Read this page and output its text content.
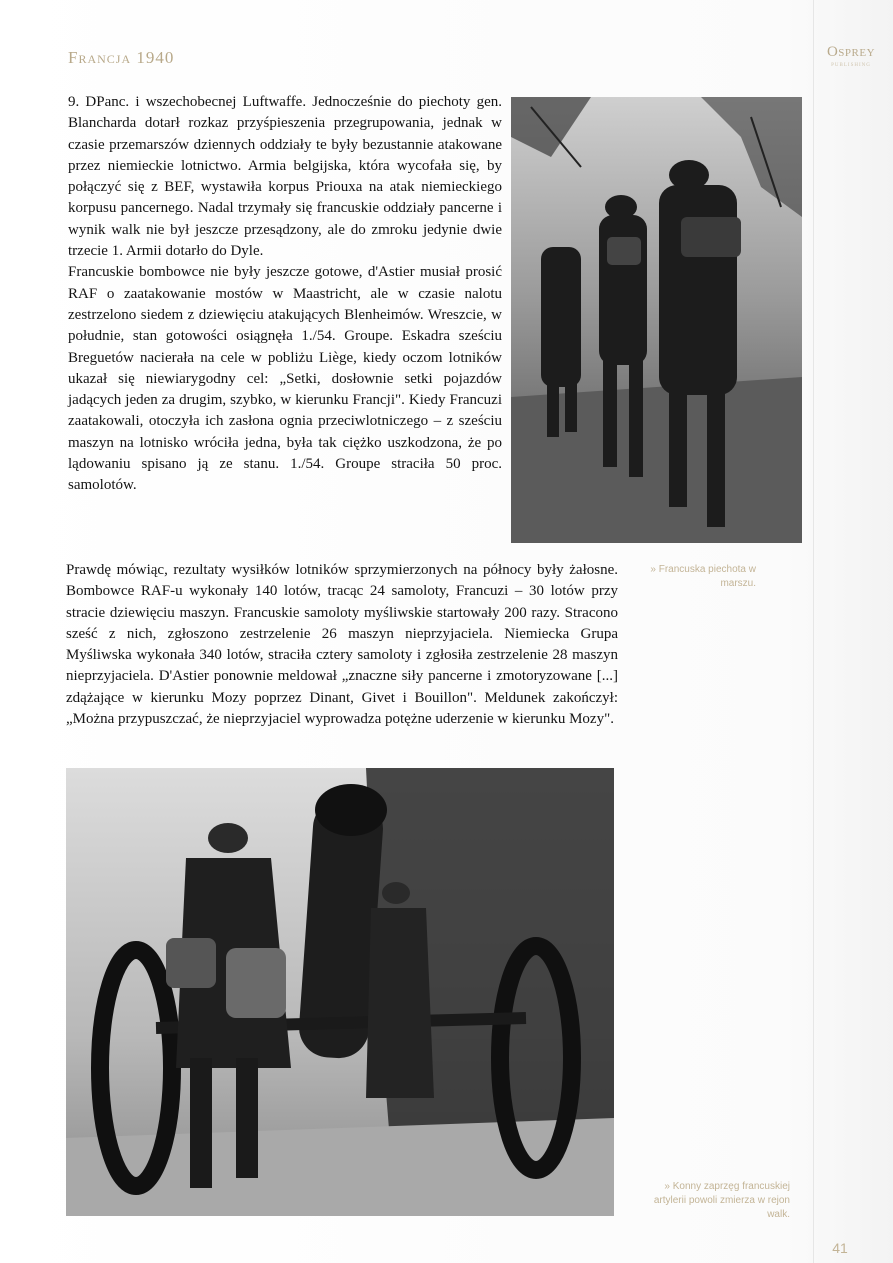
Francja 1940	Osprey
PUBLISHING

9. DPanc. i wszechobecnej Luftwaffe. Jednocześnie do piechoty gen. Blancharda dotarł rozkaz przyśpieszenia przegrupowania, jednak w czasie przemarszów dziennych oddziały te były bezustannie atakowane przez niemieckie lotnictwo. Armia belgijska, która wycofała się, by połączyć się z BEF, wystawiła korpus Priouxa na atak niemieckiego korpusu pancernego. Nadal trzymały się francuskie oddziały pancerne i wynik walk nie był jeszcze przesądzony, ale do zmroku jedynie dwie trzecie 1. Armii dotarło do Dyle.

Francuskie bombowce nie były jeszcze gotowe, d'Astier musiał prosić RAF o zaatakowanie mostów w Maastricht, ale w czasie nalotu zestrzelono siedem z dziewięciu atakujących Blenheimów. Wreszcie, w południe, stan gotowości osiągnęła 1./54. Groupe. Eskadra sześciu Breguetów nacierała na cele w pobliżu Liège, kiedy oczom lotników ukazał się niewiarygodny cel: „Setki, dosłownie setki pojazdów jadących jeden za drugim, szybko, w kierunku Francji". Kiedy Francuzi zaatakowali, otoczyła ich zasłona ognia przeciwlotniczego – z sześciu maszyn na lotnisko wróciła jedna, była tak ciężko uszkodzona, że po lądowaniu spisano ją ze stanu. 1./54. Groupe straciła 50 proc. samolotów.

Prawdę mówiąc, rezultaty wysiłków lotników sprzymierzonych na północy były żałosne. Bombowce RAF-u wykonały 140 lotów, tracąc 24 samoloty, Francuzi – 30 lotów przy stracie dziewięciu maszyn. Francuskie samoloty myśliwskie startowały 200 razy. Stracono sześć z nich, zgłoszono zestrzelenie 26 maszyn nieprzyjaciela. Niemiecka Grupa Myśliwska wykonała 340 lotów, straciła cztery samoloty i zgłosiła zestrzelenie 28 maszyn nieprzyjaciela. D'Astier ponownie meldował „znaczne siły pancerne i zmotoryzowane [...] zdążające w kierunku Mozy poprzez Dinant, Givet i Bouillon". Meldunek zakończył: „Można przypuszczać, że nieprzyjaciel wyprowadza potężne uderzenie w kierunku Mozy".

» Francuska piechota w marszu.
» Konny zaprzęg francuskiej artylerii powoli zmierza w rejon walk.
41
